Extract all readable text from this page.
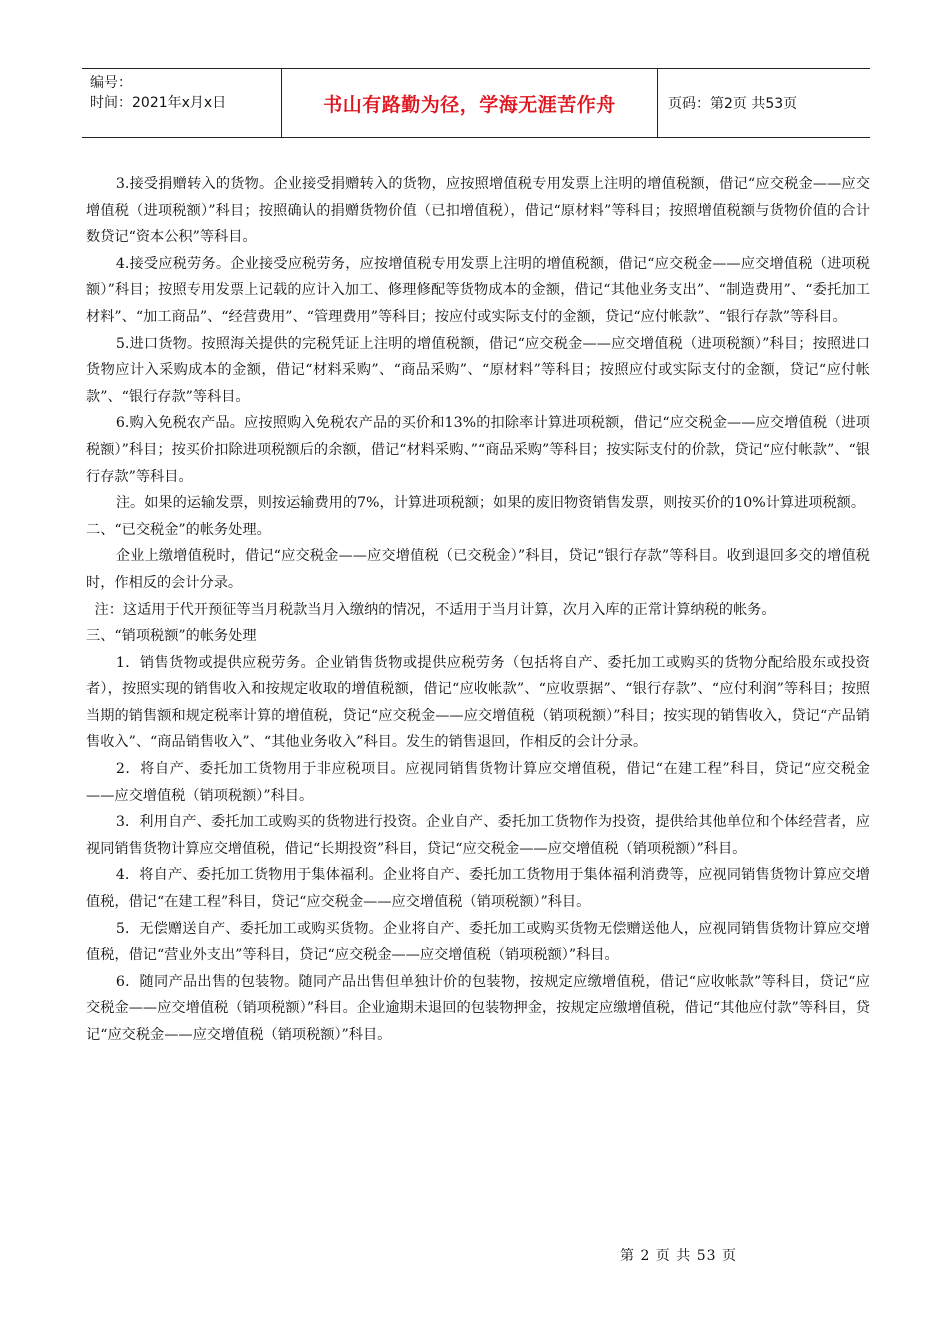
编号：
时间：2021年x月x日	书山有路勤为径，学海无涯苦作舟	页码：第2页 共53页

3.接受捐赠转入的货物。企业接受捐赠转入的货物，应按照增值税专用发票上注明的增值税额，借记“应交税金——应交增值税（进项税额）”科目；按照确认的捐赠货物价值（已扣增值税），借记“原材料”等科目；按照增值税额与货物价值的合计数贷记“资本公积”等科目。

4.接受应税劳务。企业接受应税劳务，应按增值税专用发票上注明的增值税额，借记“应交税金——应交增值税（进项税额）”科目；按照专用发票上记载的应计入加工、修理修配等货物成本的金额，借记“其他业务支出”、“制造费用”、“委托加工材料”、“加工商品”、“经营费用”、“管理费用”等科目；按应付或实际支付的金额，贷记“应付帐款”、“银行存款”等科目。

5.进口货物。按照海关提供的完税凭证上注明的增值税额，借记“应交税金——应交增值税（进项税额）”科目；按照进口货物应计入采购成本的金额，借记“材料采购”、“商品采购”、“原材料”等科目；按照应付或实际支付的金额，贷记“应付帐款”、“银行存款”等科目。

6.购入免税农产品。应按照购入免税农产品的买价和13%的扣除率计算进项税额，借记“应交税金——应交增值税（进项税额）”科目；按买价扣除进项税额后的余额，借记“材料采购、”“商品采购”等科目；按实际支付的价款，贷记“应付帐款”、“银行存款”等科目。

注。如果的运输发票，则按运输费用的7%，计算进项税额；如果的废旧物资销售发票，则按买价的10%计算进项税额。

二、“已交税金”的帐务处理。

企业上缴增值税时，借记“应交税金——应交增值税（已交税金）”科目，贷记“银行存款”等科目。收到退回多交的增值税时，作相反的会计分录。

注：这适用于代开预征等当月税款当月入缴纳的情况，不适用于当月计算，次月入库的正常计算纳税的帐务。

三、“销项税额”的帐务处理

1．销售货物或提供应税劳务。企业销售货物或提供应税劳务（包括将自产、委托加工或购买的货物分配给股东或投资者），按照实现的销售收入和按规定收取的增值税额，借记“应收帐款”、“应收票据”、“银行存款”、“应付利润”等科目；按照当期的销售额和规定税率计算的增值税，贷记“应交税金——应交增值税（销项税额）”科目；按实现的销售收入，贷记“产品销售收入”、“商品销售收入”、“其他业务收入”科目。发生的销售退回，作相反的会计分录。

2．将自产、委托加工货物用于非应税项目。应视同销售货物计算应交增值税，借记“在建工程”科目，贷记“应交税金——应交增值税（销项税额）”科目。

3．利用自产、委托加工或购买的货物进行投资。企业自产、委托加工货物作为投资，提供给其他单位和个体经营者，应视同销售货物计算应交增值税，借记“长期投资”科目，贷记“应交税金——应交增值税（销项税额）”科目。

4．将自产、委托加工货物用于集体福利。企业将自产、委托加工货物用于集体福利消费等，应视同销售货物计算应交增值税，借记“在建工程”科目，贷记“应交税金——应交增值税（销项税额）”科目。

5．无偿赠送自产、委托加工或购买货物。企业将自产、委托加工或购买货物无偿赠送他人，应视同销售货物计算应交增值税，借记“营业外支出”等科目，贷记“应交税金——应交增值税（销项税额）”科目。

6．随同产品出售的包装物。随同产品出售但单独计价的包装物，按规定应缴增值税，借记“应收帐款”等科目，贷记“应交税金——应交增值税（销项税额）”科目。企业逾期未退回的包装物押金，按规定应缴增值税，借记“其他应付款”等科目，贷记“应交税金——应交增值税（销项税额）”科目。

第 2 页 共 53 页
